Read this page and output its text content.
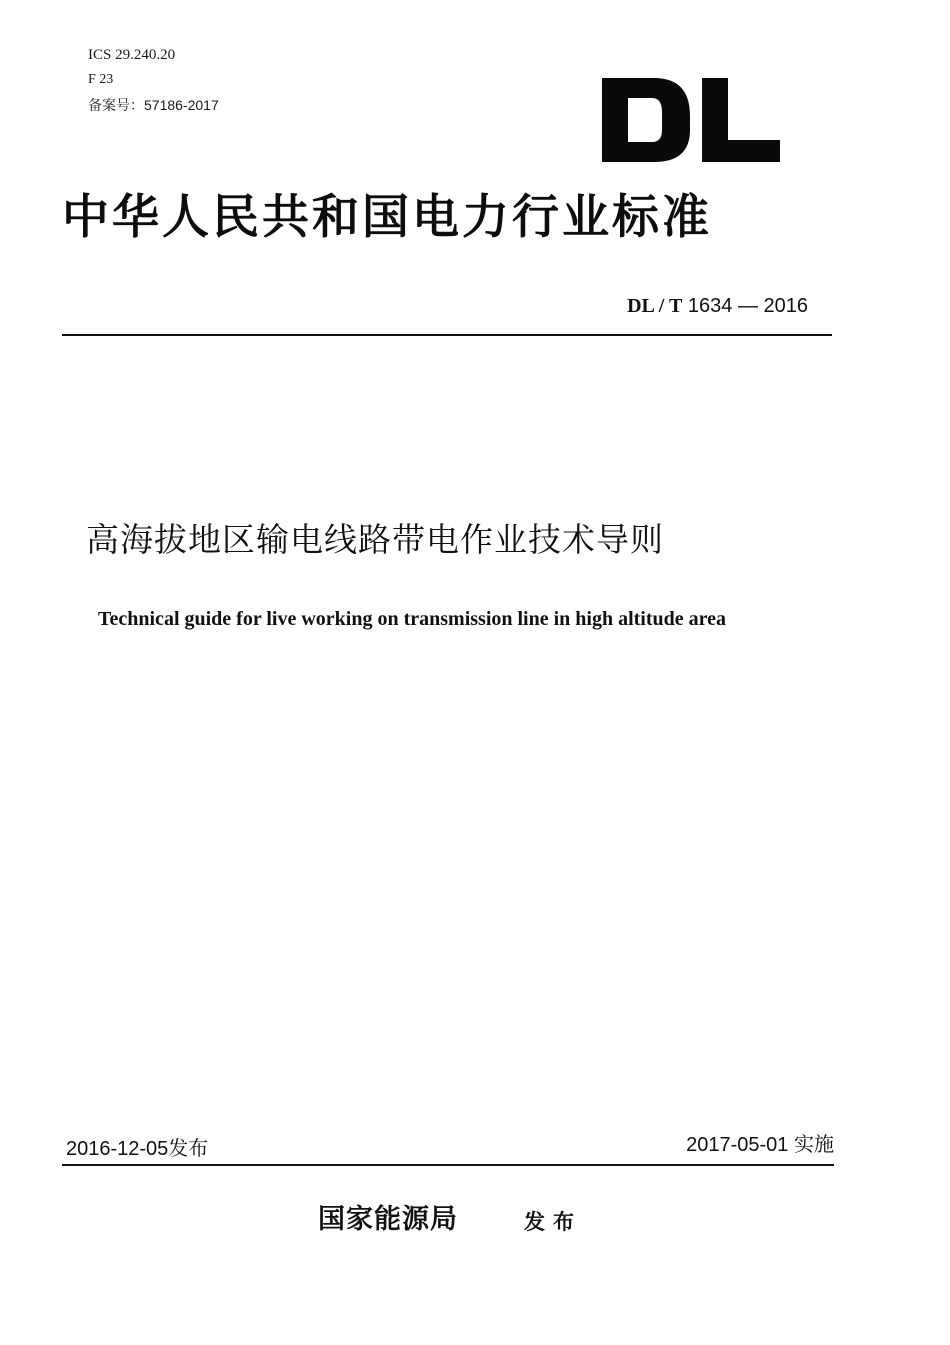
ICS 29.240.20
F 23
备案号：57186-2017
中华人民共和国电力行业标准
DL / T 1634 — 2016
高海拔地区输电线路带电作业技术导则
Technical guide for live working on transmission line in high altitude area
2016-12-05发布	2017-05-01 实施
国家能源局	发布
